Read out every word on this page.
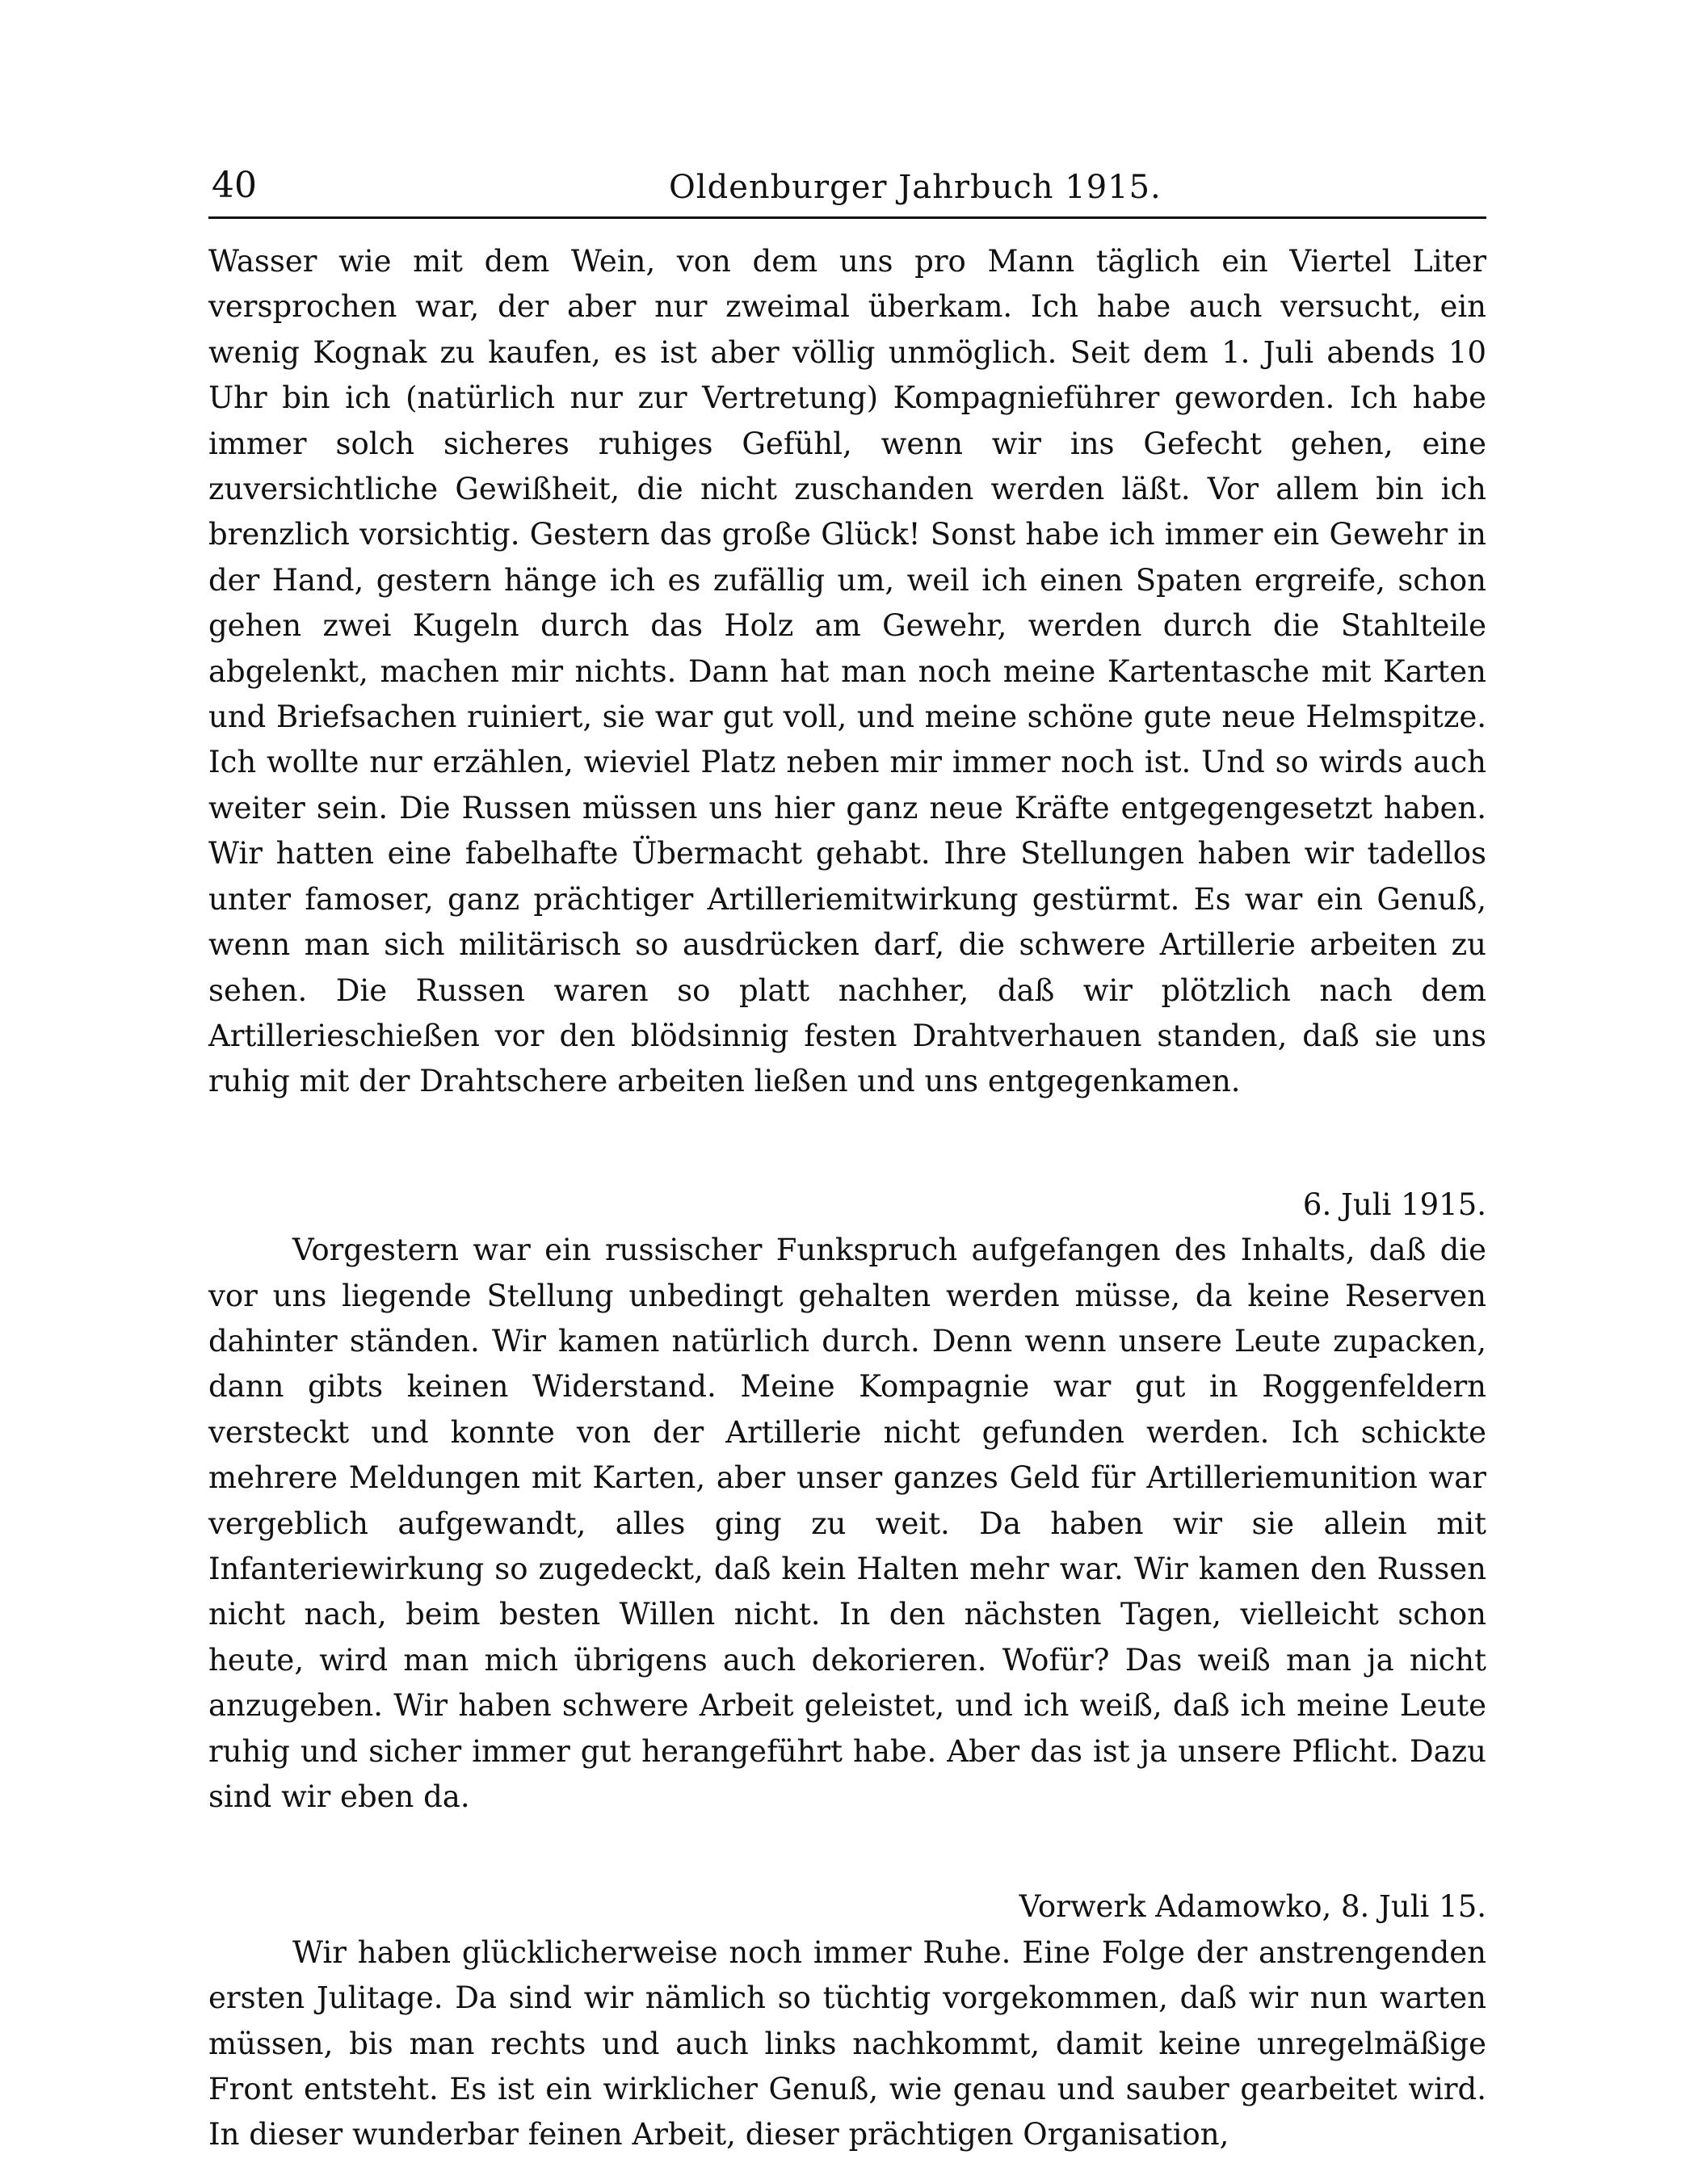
40	Oldenburger Jahrbuch 1915.

Wasser wie mit dem Wein, von dem uns pro Mann täglich ein Viertel Liter versprochen war, der aber nur zweimal überkam. Ich habe auch versucht, ein wenig Kognak zu kaufen, es ist aber völlig unmöglich. Seit dem 1. Juli abends 10 Uhr bin ich (natürlich nur zur Vertretung) Kompagnieführer geworden. Ich habe immer solch sicheres ruhiges Gefühl, wenn wir ins Gefecht gehen, eine zuversichtliche Gewißheit, die nicht zuschanden werden läßt. Vor allem bin ich brenzlich vorsichtig. Gestern das große Glück! Sonst habe ich immer ein Gewehr in der Hand, gestern hänge ich es zufällig um, weil ich einen Spaten ergreife, schon gehen zwei Kugeln durch das Holz am Gewehr, werden durch die Stahlteile abgelenkt, machen mir nichts. Dann hat man noch meine Kartentasche mit Karten und Briefsachen ruiniert, sie war gut voll, und meine schöne gute neue Helmspitze. Ich wollte nur erzählen, wieviel Platz neben mir immer noch ist. Und so wirds auch weiter sein. Die Russen müssen uns hier ganz neue Kräfte entgegengesetzt haben. Wir hatten eine fabelhafte Übermacht gehabt. Ihre Stellungen haben wir tadellos unter famoser, ganz prächtiger Artilleriemitwirkung gestürmt. Es war ein Genuß, wenn man sich militärisch so ausdrücken darf, die schwere Artillerie arbeiten zu sehen. Die Russen waren so platt nachher, daß wir plötzlich nach dem Artillerieschießen vor den blödsinnig festen Drahtverhauen standen, daß sie uns ruhig mit der Drahtschere arbeiten ließen und uns entgegenkamen.

6. Juli 1915.

Vorgestern war ein russischer Funkspruch aufgefangen des Inhalts, daß die vor uns liegende Stellung unbedingt gehalten werden müsse, da keine Reserven dahinter ständen. Wir kamen natürlich durch. Denn wenn unsere Leute zupacken, dann gibts keinen Widerstand. Meine Kompagnie war gut in Roggenfeldern versteckt und konnte von der Artillerie nicht gefunden werden. Ich schickte mehrere Meldungen mit Karten, aber unser ganzes Geld für Artilleriemunition war vergeblich aufgewandt, alles ging zu weit. Da haben wir sie allein mit Infanteriewirkung so zugedeckt, daß kein Halten mehr war. Wir kamen den Russen nicht nach, beim besten Willen nicht. In den nächsten Tagen, vielleicht schon heute, wird man mich übrigens auch dekorieren. Wofür? Das weiß man ja nicht anzugeben. Wir haben schwere Arbeit geleistet, und ich weiß, daß ich meine Leute ruhig und sicher immer gut herangeführt habe. Aber das ist ja unsere Pflicht. Dazu sind wir eben da.

Vorwerk Adamowko, 8. Juli 15.

Wir haben glücklicherweise noch immer Ruhe. Eine Folge der anstrengenden ersten Julitage. Da sind wir nämlich so tüchtig vorgekommen, daß wir nun warten müssen, bis man rechts und auch links nachkommt, damit keine unregelmäßige Front entsteht. Es ist ein wirklicher Genuß, wie genau und sauber gearbeitet wird. In dieser wunderbar feinen Arbeit, dieser prächtigen Organisation,
